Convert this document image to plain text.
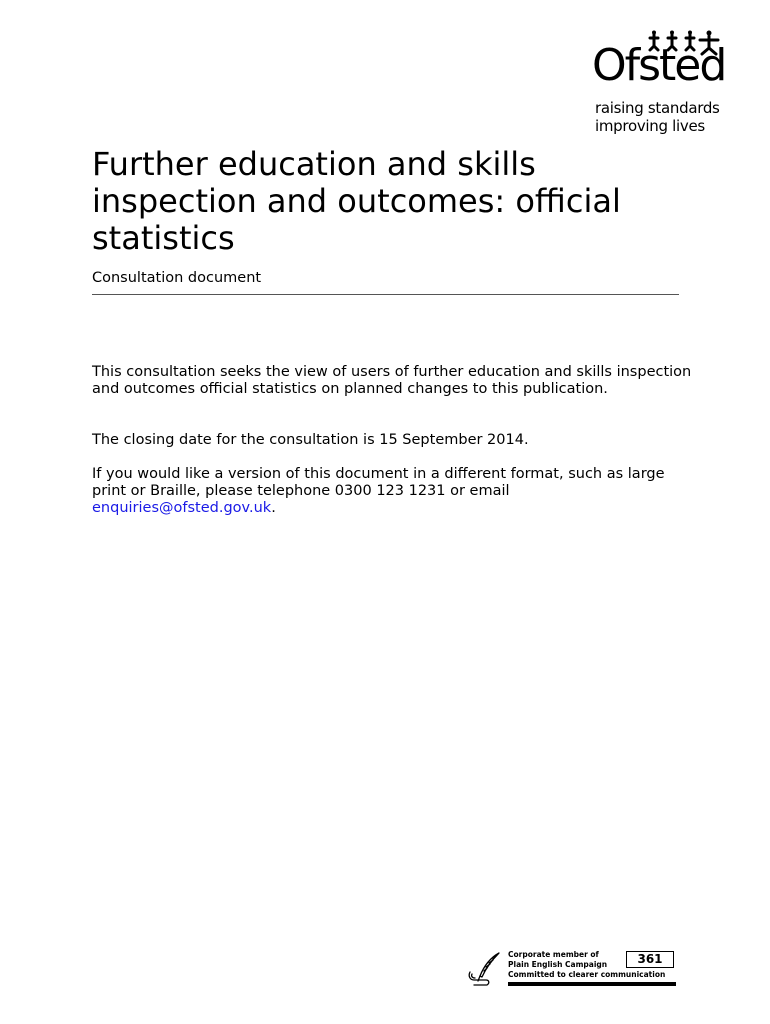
Ofsted
raising standards
improving lives
Further education and skills inspection and outcomes: official statistics

Consultation document

This consultation seeks the view of users of further education and skills inspection and outcomes official statistics on planned changes to this publication.

The closing date for the consultation is 15 September 2014.

If you would like a version of this document in a different format, such as large print or Braille, please telephone 0300 123 1231 or email enquiries@ofsted.gov.uk.

Corporate member of
Plain English Campaign
Committed to clearer communication
361
